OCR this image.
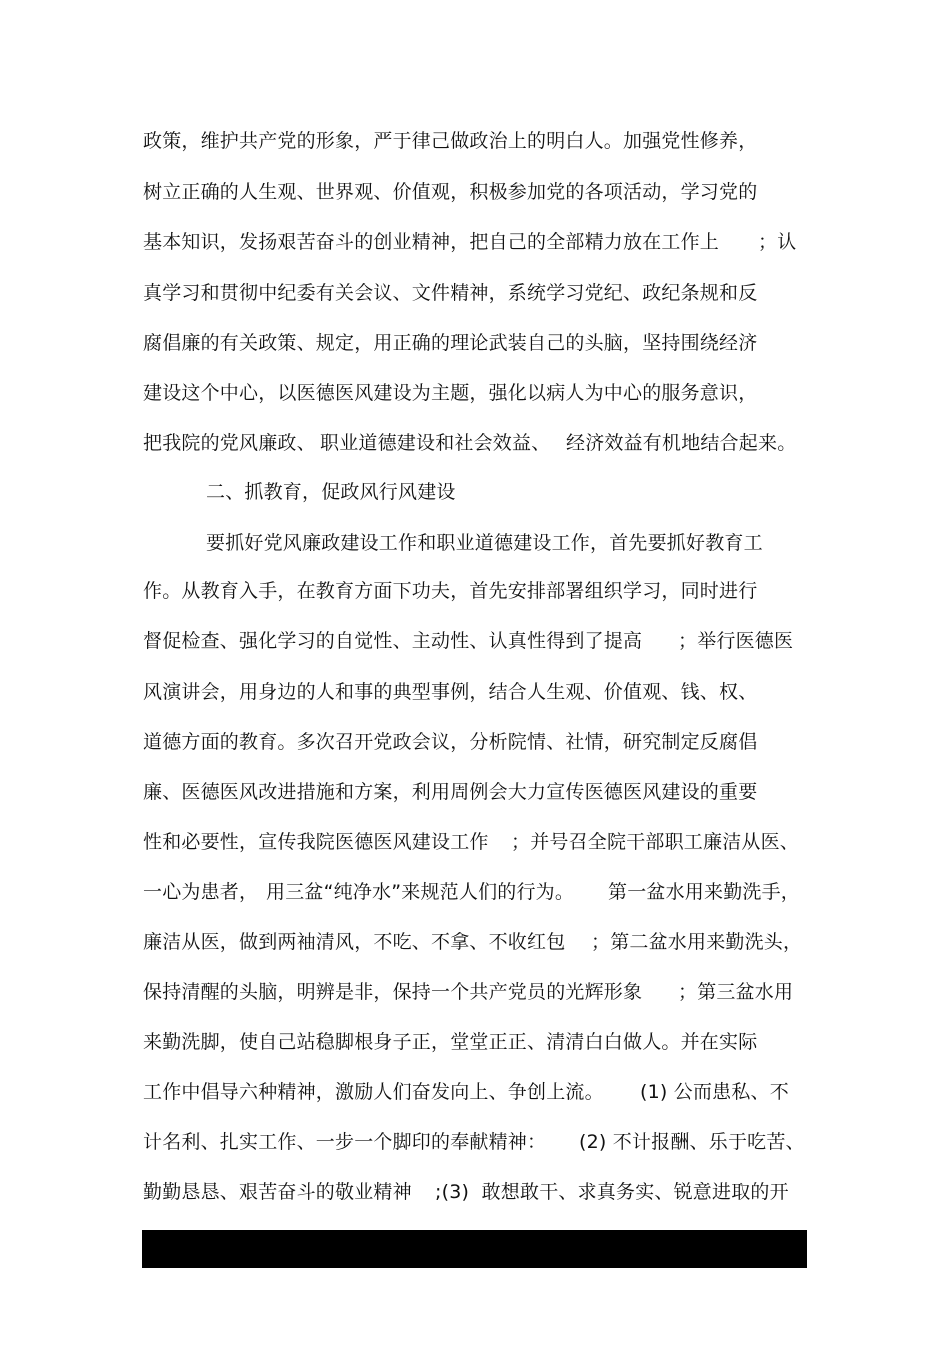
政策，维护共产党的形象，严于律己做政治上的明白人。加强党性修养，

树立正确的人生观、世界观、价值观，积极参加党的各项活动，学习党的

基本知识，发扬艰苦奋斗的创业精神，把自己的全部精力放在工作上

；认

真学习和贯彻中纪委有关会议、文件精神，系统学习党纪、政纪条规和反

腐倡廉的有关政策、规定，用正确的理论武装自己的头脑，坚持围绕经济

建设这个中心，以医德医风建设为主题，强化以病人为中心的服务意识，

把我院的党风廉政、

职业道德建设和社会效益、

经济效益有机地结合起来。

二、抓教育，促政风行风建设

要抓好党风廉政建设工作和职业道德建设工作，首先要抓好教育工

作。从教育入手，在教育方面下功夫，首先安排部署组织学习，同时进行

督促检查、强化学习的自觉性、主动性、认真性得到了提高

；举行医德医

风演讲会，用身边的人和事的典型事例，结合人生观、价值观、钱、权、

道德方面的教育。多次召开党政会议，分析院情、社情，研究制定反腐倡

廉、医德医风改进措施和方案，利用周例会大力宣传医德医风建设的重要

性和必要性，宣传我院医德医风建设工作

；并号召全院干部职工廉洁从医、

一心为患者，

用三盆“纯净水”来规范人们的行为。

第一盆水用来勤洗手，

廉洁从医，做到两袖清风，不吃、不拿、不收红包

；第二盆水用来勤洗头，

保持清醒的头脑，明辨是非，保持一个共产党员的光辉形象

；第三盆水用

来勤洗脚，使自己站稳脚根身子正，堂堂正正、清清白白做人。并在实际

工作中倡导六种精神，激励人们奋发向上、争创上流。

(1) 公而患私、不

计名利、扎实工作、一步一个脚印的奉献精神：

(2) 不计报酬、乐于吃苦、

勤勤恳恳、艰苦奋斗的敬业精神

;(3)  敢想敢干、求真务实、锐意进取的开
